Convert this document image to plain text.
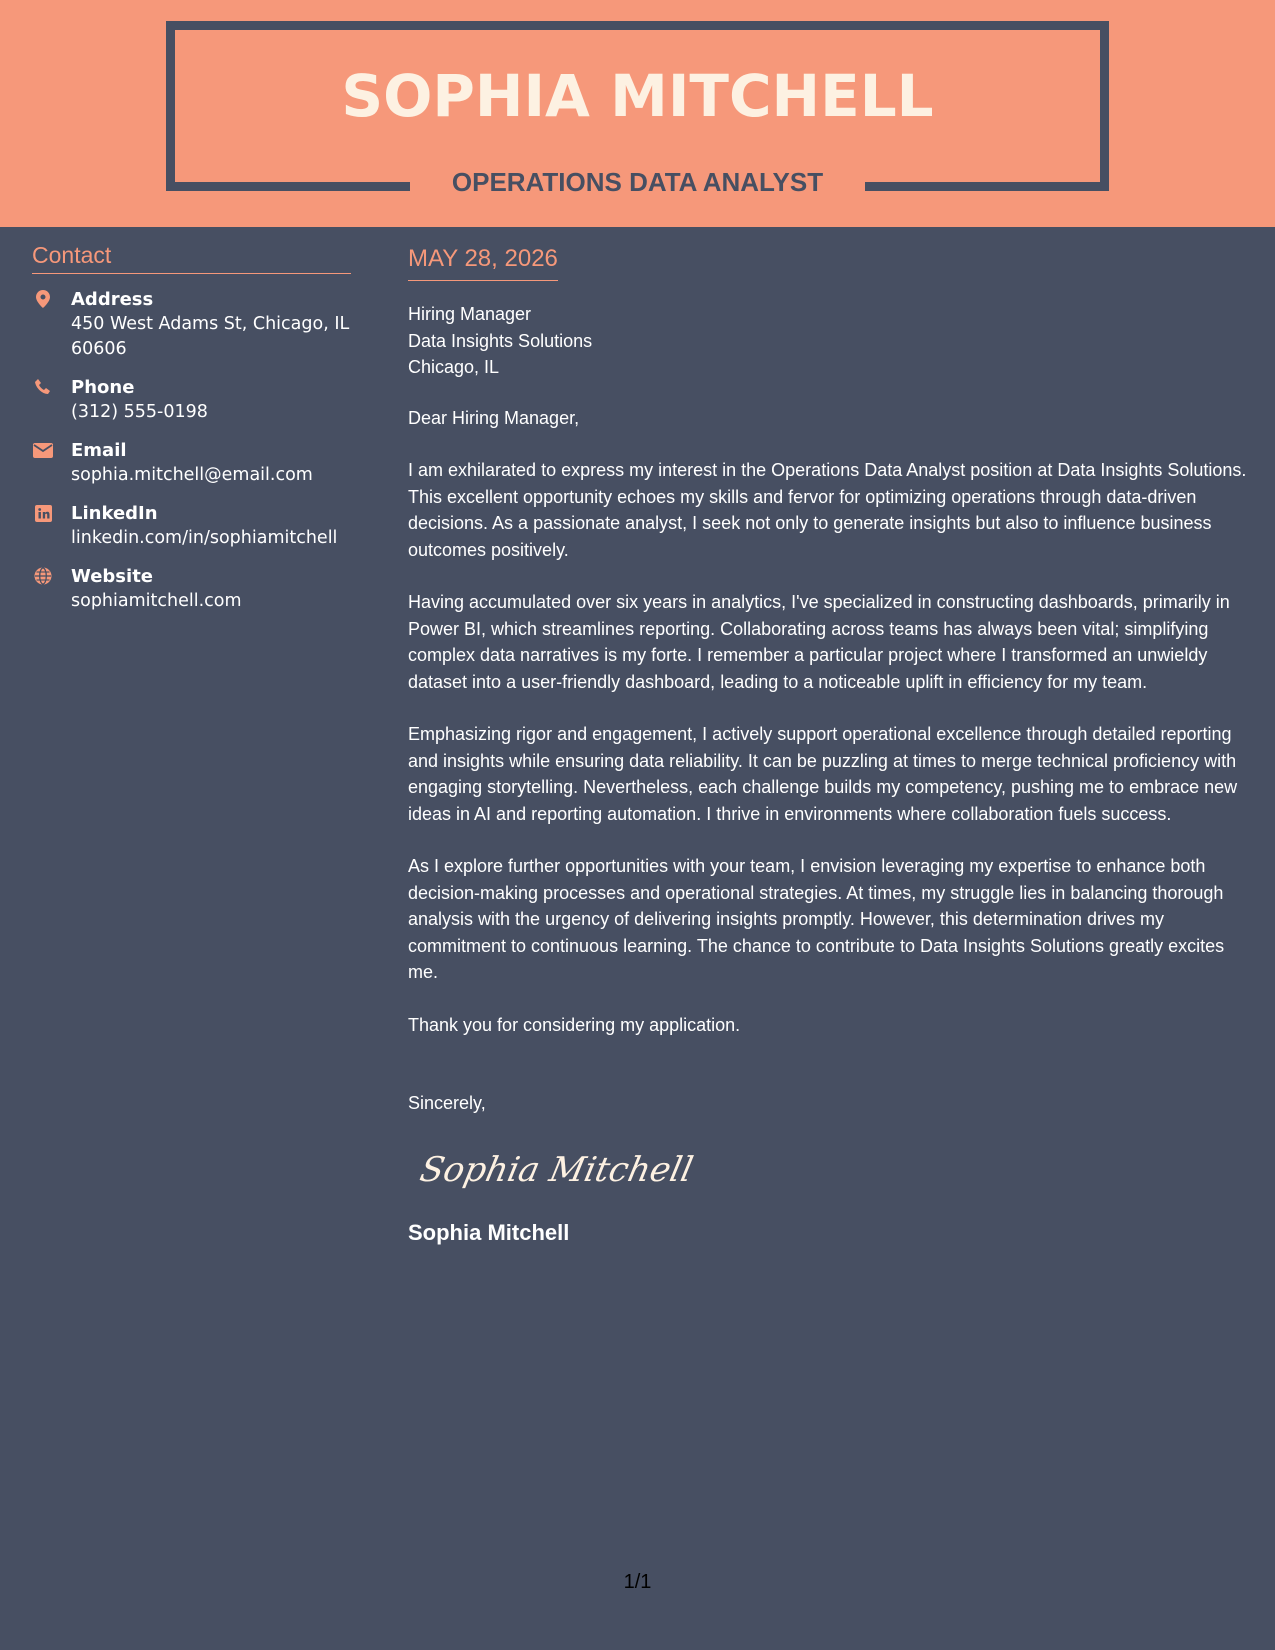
SOPHIA MITCHELL
OPERATIONS DATA ANALYST
Contact
Address
450 West Adams St, Chicago, IL 60606
Phone
(312) 555-0198
Email
sophia.mitchell@email.com
LinkedIn
linkedin.com/in/sophiamitchell
Website
sophiamitchell.com
MAY 28, 2026
Hiring Manager
Data Insights Solutions
Chicago, IL

Dear Hiring Manager,

I am exhilarated to express my interest in the Operations Data Analyst position at Data Insights Solutions. This excellent opportunity echoes my skills and fervor for optimizing operations through data-driven decisions. As a passionate analyst, I seek not only to generate insights but also to influence business outcomes positively.

Having accumulated over six years in analytics, I've specialized in constructing dashboards, primarily in Power BI, which streamlines reporting. Collaborating across teams has always been vital; simplifying complex data narratives is my forte. I remember a particular project where I transformed an unwieldy dataset into a user-friendly dashboard, leading to a noticeable uplift in efficiency for my team.

Emphasizing rigor and engagement, I actively support operational excellence through detailed reporting and insights while ensuring data reliability. It can be puzzling at times to merge technical proficiency with engaging storytelling. Nevertheless, each challenge builds my competency, pushing me to embrace new ideas in AI and reporting automation. I thrive in environments where collaboration fuels success.

As I explore further opportunities with your team, I envision leveraging my expertise to enhance both decision-making processes and operational strategies. At times, my struggle lies in balancing thorough analysis with the urgency of delivering insights promptly. However, this determination drives my commitment to continuous learning. The chance to contribute to Data Insights Solutions greatly excites me.

Thank you for considering my application.

Sincerely,

Sophia Mitchell
Sophia Mitchell
1/1
